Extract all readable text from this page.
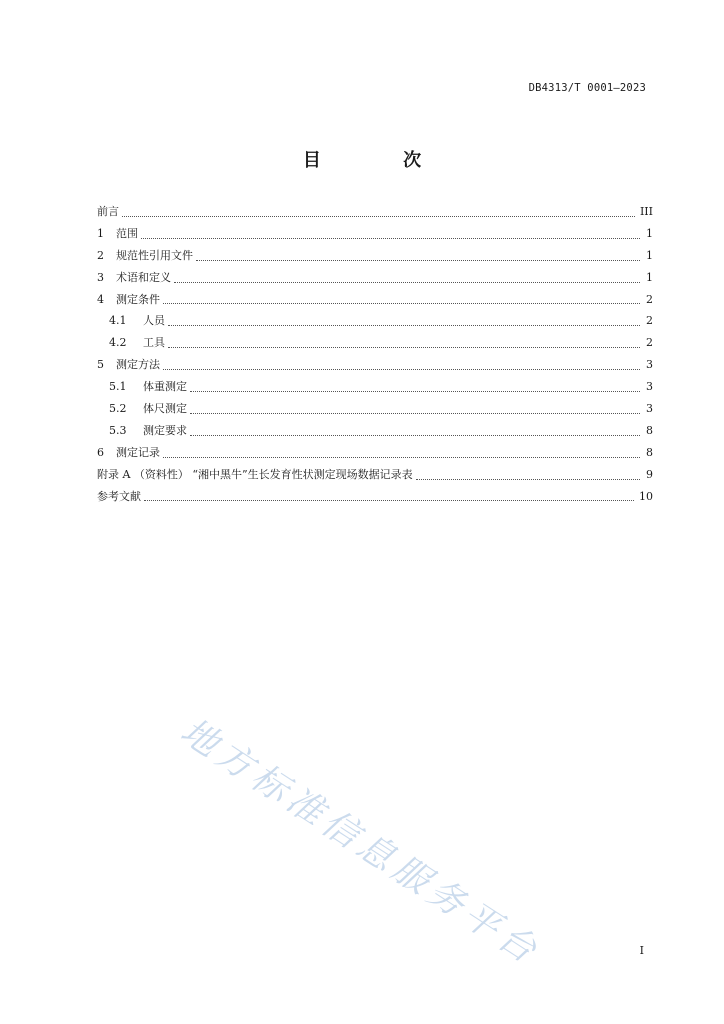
DB4313/T 0001—2023
目 次
前言	III
1	范围	1
2	规范性引用文件	1
3	术语和定义	1
4	测定条件	2
4.1	人员	2
4.2	工具	2
5	测定方法	3
5.1	体重测定	3
5.2	体尺测定	3
5.3	测定要求	8
6	测定记录	8
附录 A （资料性） “湘中黑牛”生长发育性状测定现场数据记录表	9
参考文献	10
地方标准信息服务平台	I
